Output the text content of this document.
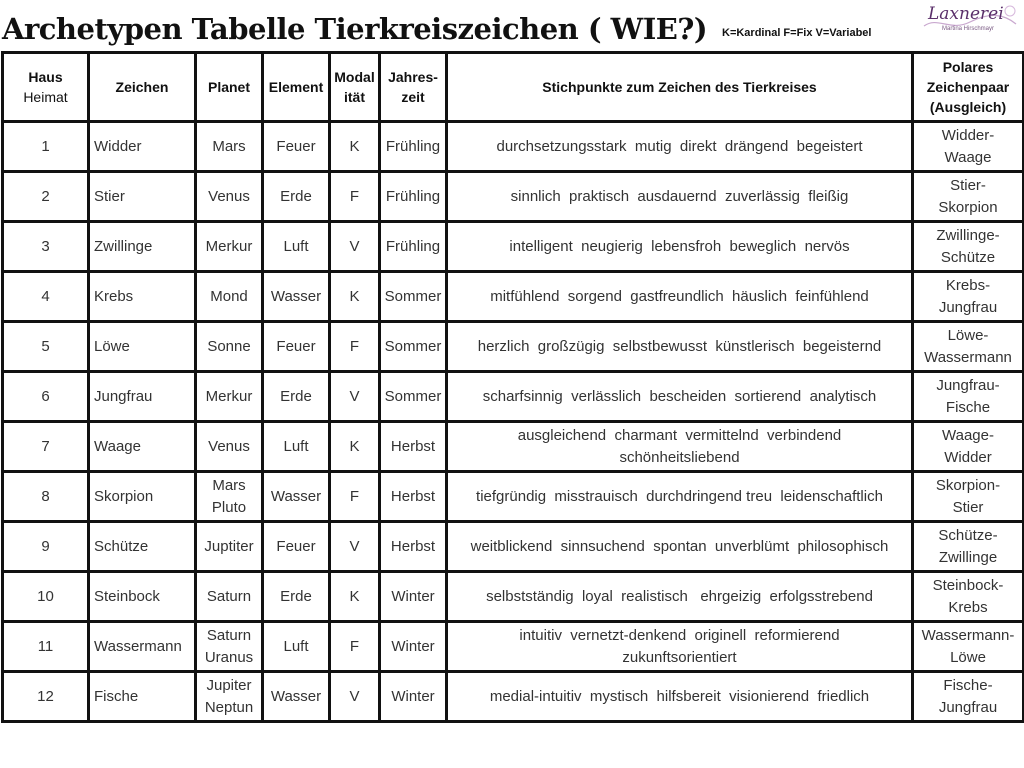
Archetypen Tabelle Tierkreiszeichen ( WIE?) K=Kardinal F=Fix V=Variabel
Laxnerei
Martina Hirschmayr
Haus
Heimat	Zeichen	Planet	Element	Modal
ität	Jahres-
zeit	Stichpunkte zum Zeichen des Tierkreises	Polares
Zeichenpaar
(Ausgleich)
1	Widder	Mars	Feuer	K	Frühling	durchsetzungsstark  mutig  direkt  drängend  begeistert	Widder-
Waage
2	Stier	Venus	Erde	F	Frühling	sinnlich  praktisch  ausdauernd  zuverlässig  fleißig	Stier-
Skorpion
3	Zwillinge	Merkur	Luft	V	Frühling	intelligent  neugierig  lebensfroh  beweglich  nervös	Zwillinge-
Schütze
4	Krebs	Mond	Wasser	K	Sommer	mitfühlend  sorgend  gastfreundlich  häuslich  feinfühlend	Krebs-
Jungfrau
5	Löwe	Sonne	Feuer	F	Sommer	herzlich  großzügig  selbstbewusst  künstlerisch  begeisternd	Löwe-
Wassermann
6	Jungfrau	Merkur	Erde	V	Sommer	scharfsinnig  verlässlich  bescheiden  sortierend  analytisch	Jungfrau-
Fische
7	Waage	Venus	Luft	K	Herbst	ausgleichend  charmant  vermittelnd  verbindend  schönheitsliebend	Waage-
Widder
8	Skorpion	Mars
Pluto	Wasser	F	Herbst	tiefgründig  misstrauisch  durchdringend treu  leidenschaftlich	Skorpion-
Stier
9	Schütze	Juptiter	Feuer	V	Herbst	weitblickend  sinnsuchend  spontan  unverblümt  philosophisch	Schütze-
Zwillinge
10	Steinbock	Saturn	Erde	K	Winter	selbstständig  loyal  realistisch   ehrgeizig  erfolgsstrebend	Steinbock-
Krebs
11	Wassermann	Saturn
Uranus	Luft	F	Winter	intuitiv  vernetzt-denkend  originell  reformierend  zukunftsorientiert	Wassermann-
Löwe
12	Fische	Jupiter
Neptun	Wasser	V	Winter	medial-intuitiv  mystisch  hilfsbereit  visionierend  friedlich	Fische-
Jungfrau
